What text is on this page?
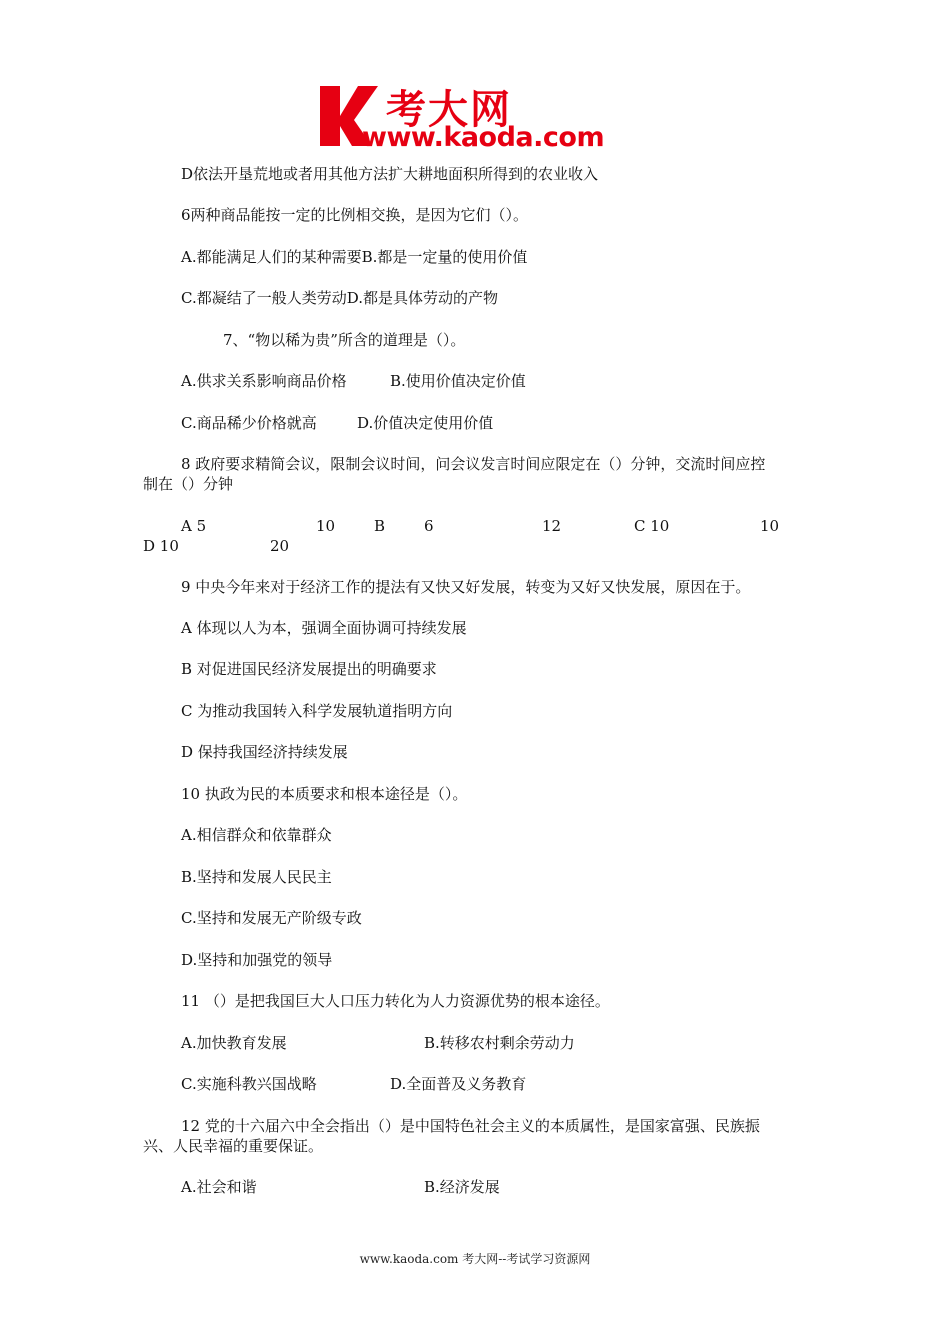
考大网
www.kaoda.com
D依法开垦荒地或者用其他方法扩大耕地面积所得到的农业收入
6两种商品能按一定的比例相交换，是因为它们（）。
A.都能满足人们的某种需要B.都是一定量的使用价值
C.都凝结了一般人类劳动D.都是具体劳动的产物
7、“物以稀为贵”所含的道理是（）。
A.供求关系影响商品价格	B.使用价值决定价值
C.商品稀少价格就高	D.价值决定使用价值
8 政府要求精简会议，限制会议时间，问会议发言时间应限定在（）分钟，交流时间应控
制在（）分钟
A 5	10	B	6	12	C 10	10
D 10	20
9 中央今年来对于经济工作的提法有又快又好发展，转变为又好又快发展，原因在于。
A 体现以人为本，强调全面协调可持续发展
B 对促进国民经济发展提出的明确要求
C 为推动我国转入科学发展轨道指明方向
D 保持我国经济持续发展
10 执政为民的本质要求和根本途径是（）。
A.相信群众和依靠群众
B.坚持和发展人民民主
C.坚持和发展无产阶级专政
D.坚持和加强党的领导
11 （）是把我国巨大人口压力转化为人力资源优势的根本途径。
A.加快教育发展	B.转移农村剩余劳动力
C.实施科教兴国战略	D.全面普及义务教育
12 党的十六届六中全会指出（）是中国特色社会主义的本质属性，是国家富强、民族振
兴、人民幸福的重要保证。
A.社会和谐	B.经济发展
www.kaoda.com 考大网--考试学习资源网
